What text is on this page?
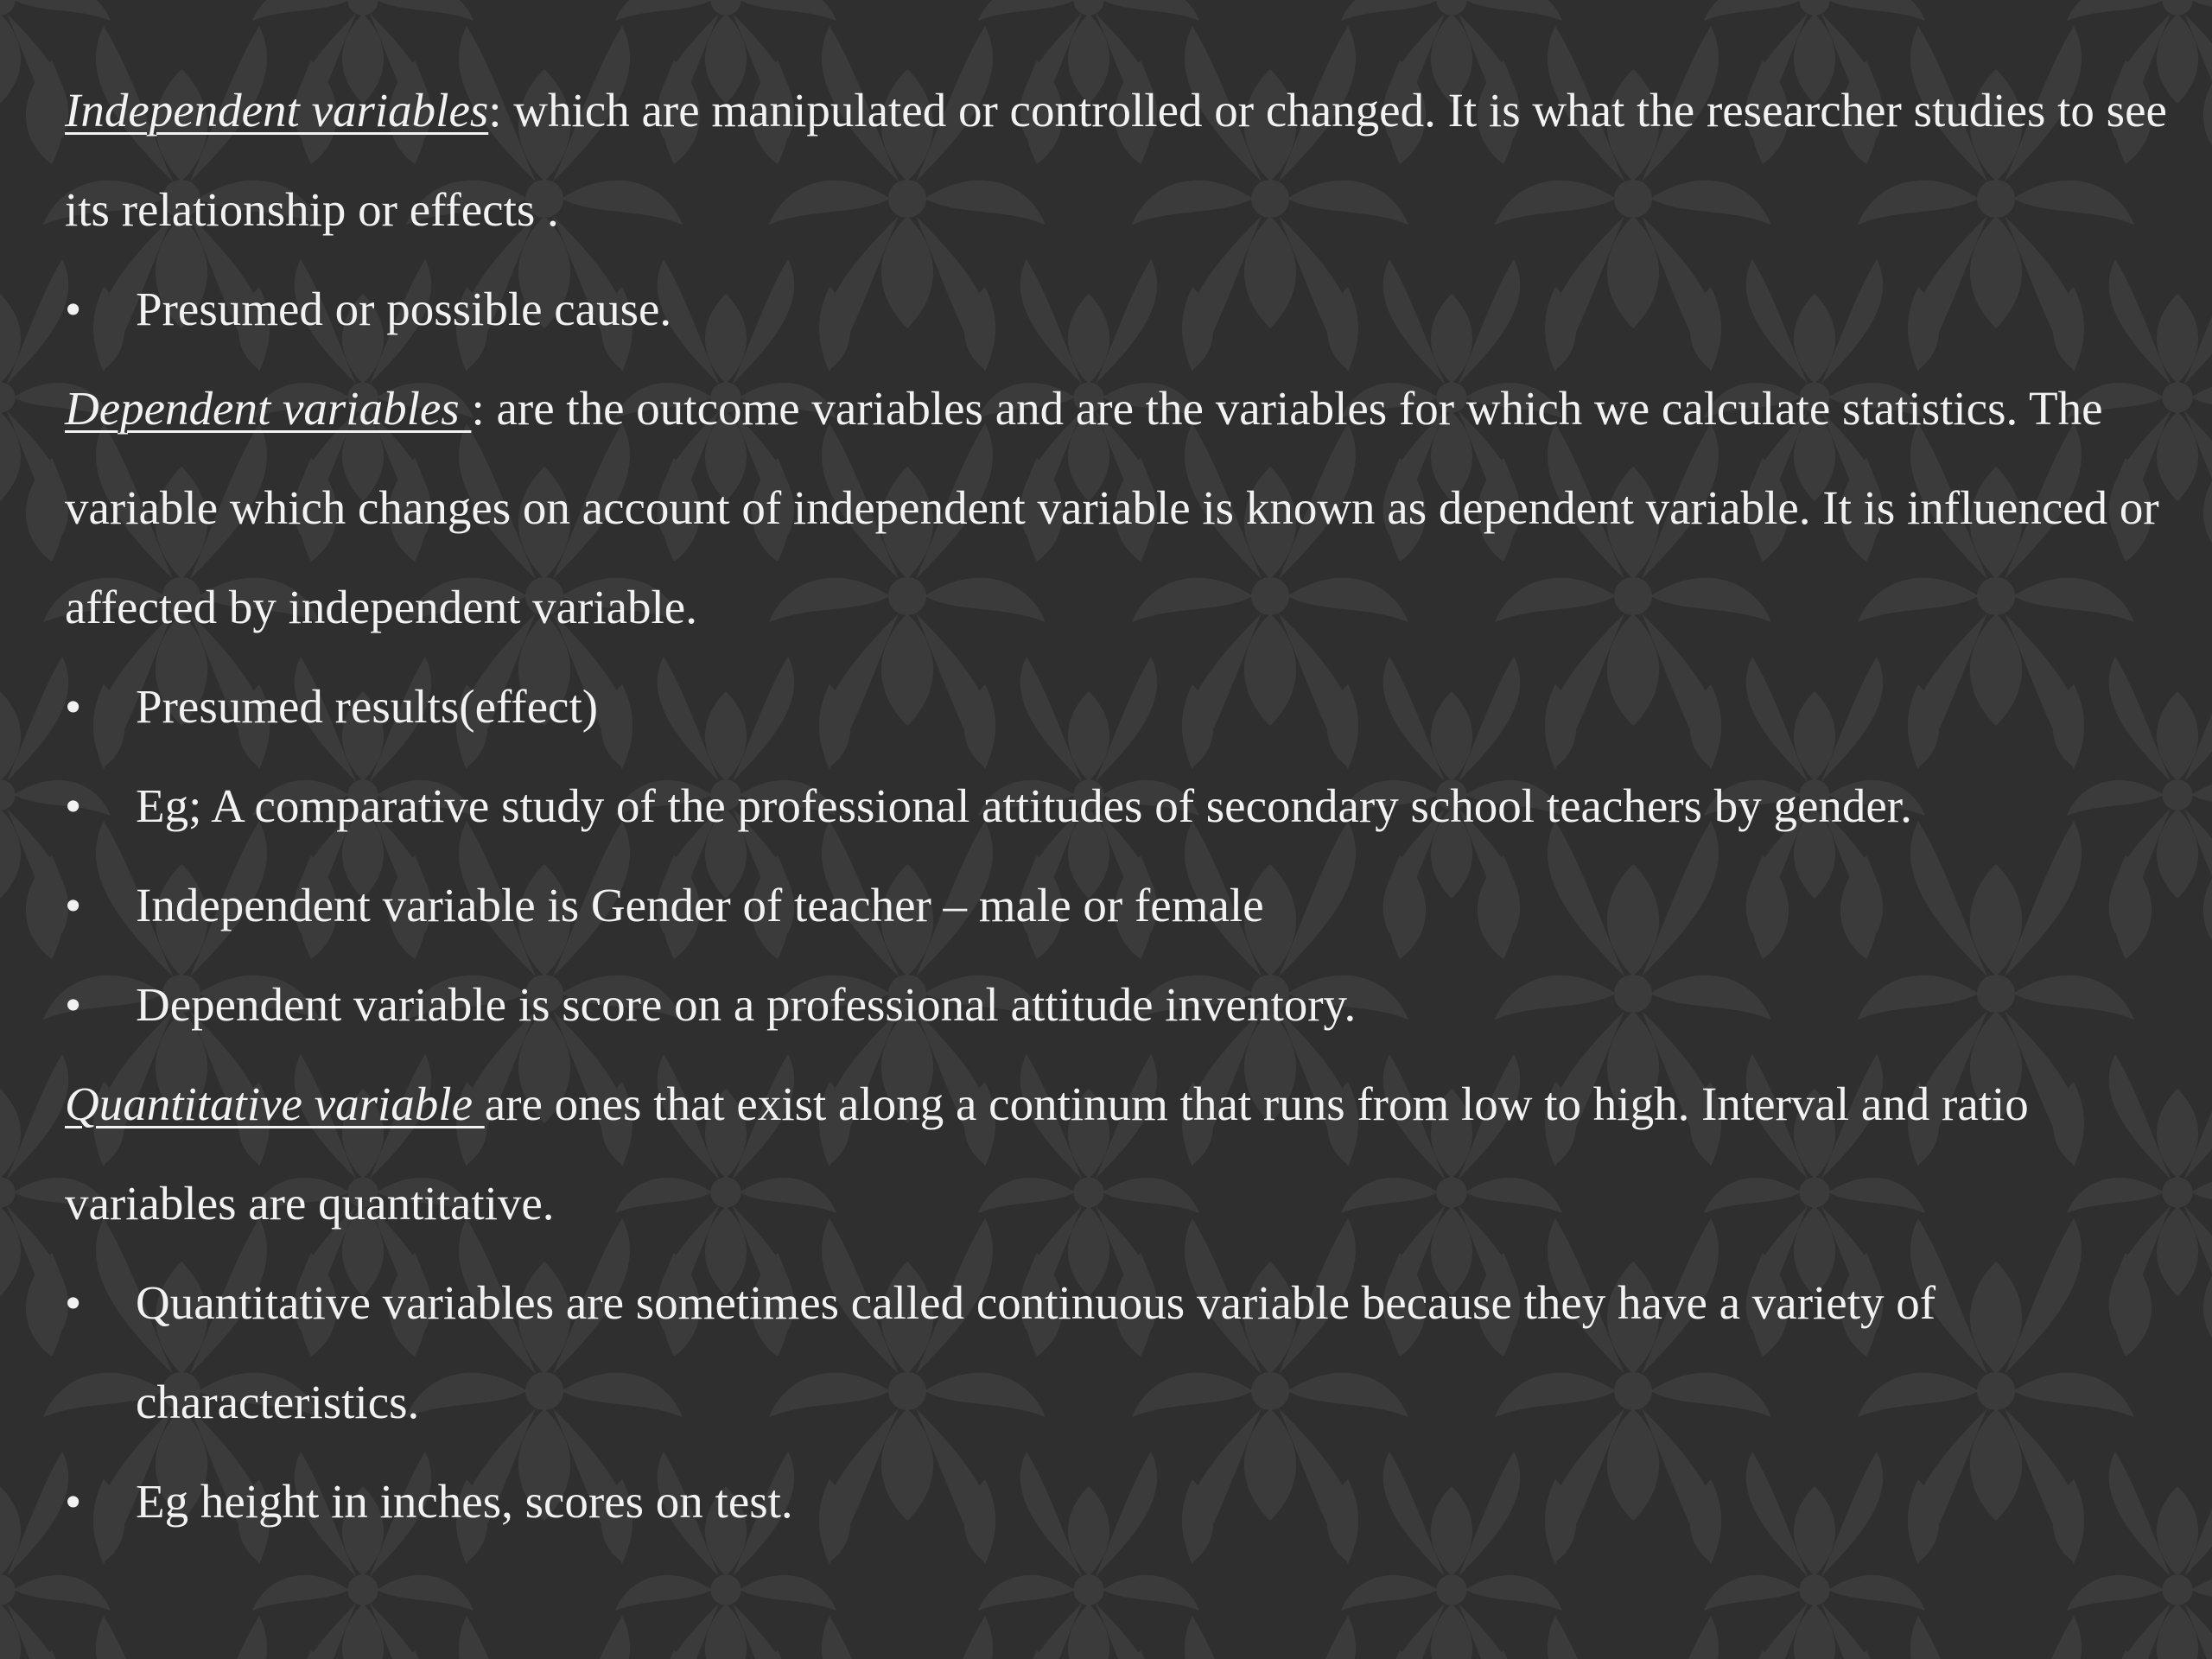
Independent variables: which are manipulated or controlled or changed. It is what the researcher studies to see its relationship or effects .

•	Presumed or possible cause.

Dependent variables : are the outcome variables and are the variables for which we calculate statistics. The variable which changes on account of independent variable is known as dependent variable. It is influenced or affected by independent variable.

•	Presumed results(effect)

•	Eg; A comparative study of the professional attitudes of secondary school teachers by gender.

•	Independent variable is Gender of teacher – male or female

•	Dependent variable is score on a professional attitude inventory.

Quantitative variable are ones that exist along a continum that runs from low to high. Interval and ratio variables are quantitative.

•	Quantitative variables are sometimes called continuous variable because they have a variety of characteristics.

•	Eg height in inches, scores on test.
